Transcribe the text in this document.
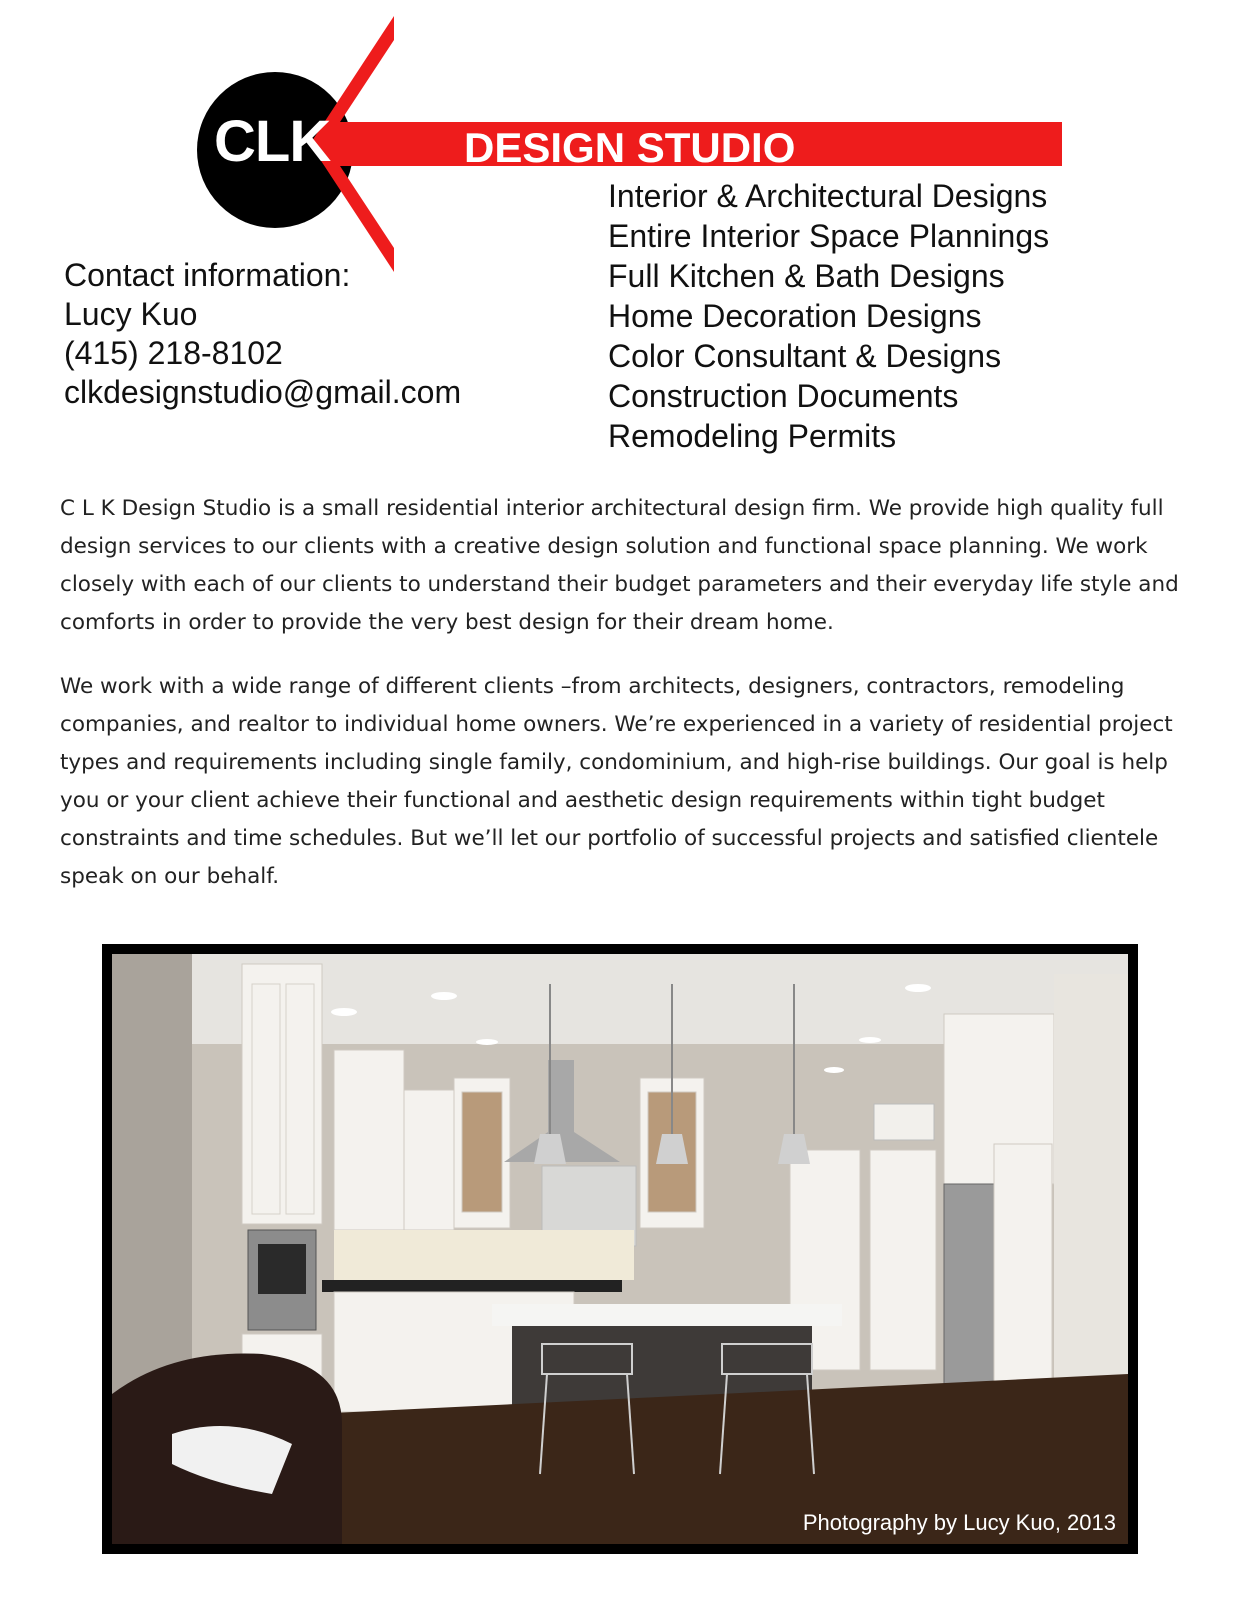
CLK	DESIGN STUDIO
Interior & Architectural Designs
Entire Interior Space Plannings
Full Kitchen & Bath Designs
Home Decoration Designs
Color Consultant & Designs
Construction Documents
Remodeling Permits
Contact information:
Lucy Kuo
(415) 218-8102
clkdesignstudio@gmail.com

C L K Design Studio is a small residential interior architectural design firm. We provide high quality full design services to our clients with a creative design solution and functional space planning. We work closely with each of our clients to understand their budget parameters and their everyday life style and comforts in order to provide the very best design for their dream home.

We work with a wide range of different clients –from architects, designers, contractors, remodeling companies, and realtor to individual home owners. We’re experienced in a variety of residential project types and requirements including single family, condominium, and high-rise buildings. Our goal is help you or your client achieve their functional and aesthetic design requirements within tight budget constraints and time schedules. But we’ll let our portfolio of successful projects and satisfied clientele speak on our behalf.

Photography by Lucy Kuo, 2013
